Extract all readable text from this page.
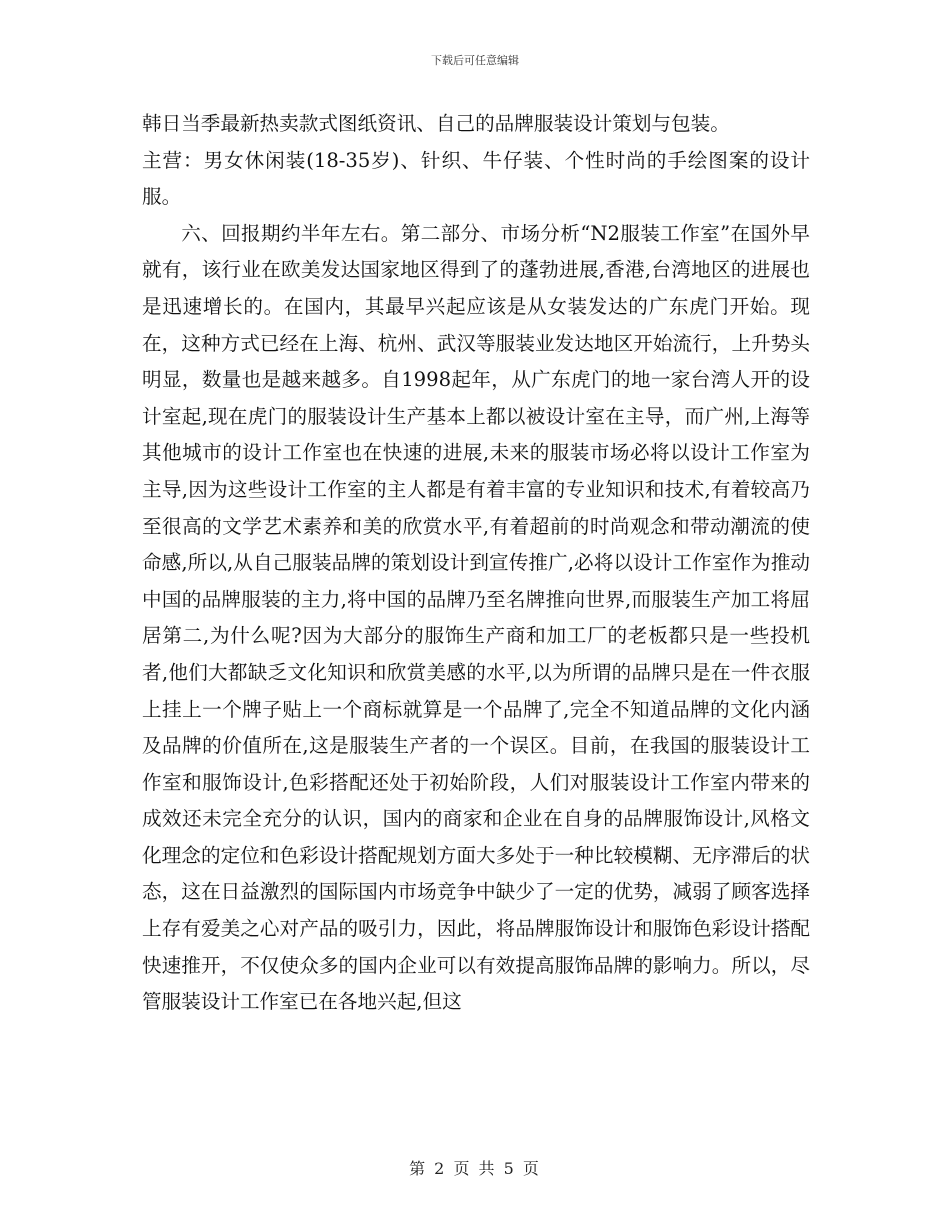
下载后可任意编辑

韩日当季最新热卖款式图纸资讯、自己的品牌服装设计策划与包装。

主营：男女休闲装(18-35岁)、针织、牛仔装、个性时尚的手绘图案的设计服。

六、回报期约半年左右。第二部分、市场分析“N2服装工作室”在国外早就有，该行业在欧美发达国家地区得到了的蓬勃进展,香港,台湾地区的进展也是迅速增长的。在国内，其最早兴起应该是从女装发达的广东虎门开始。现在，这种方式已经在上海、杭州、武汉等服装业发达地区开始流行，上升势头明显，数量也是越来越多。自1998起年，从广东虎门的地一家台湾人开的设计室起,现在虎门的服装设计生产基本上都以被设计室在主导，而广州,上海等其他城市的设计工作室也在快速的进展,未来的服装市场必将以设计工作室为主导,因为这些设计工作室的主人都是有着丰富的专业知识和技术,有着较高乃至很高的文学艺术素养和美的欣赏水平,有着超前的时尚观念和带动潮流的使命感,所以,从自己服装品牌的策划设计到宣传推广,必将以设计工作室作为推动中国的品牌服装的主力,将中国的品牌乃至名牌推向世界,而服装生产加工将屈居第二,为什么呢?因为大部分的服饰生产商和加工厂的老板都只是一些投机者,他们大都缺乏文化知识和欣赏美感的水平,以为所谓的品牌只是在一件衣服上挂上一个牌子贴上一个商标就算是一个品牌了,完全不知道品牌的文化内涵及品牌的价值所在,这是服装生产者的一个误区。目前，在我国的服装设计工作室和服饰设计,色彩搭配还处于初始阶段，人们对服装设计工作室内带来的成效还未完全充分的认识，国内的商家和企业在自身的品牌服饰设计,风格文化理念的定位和色彩设计搭配规划方面大多处于一种比较模糊、无序滞后的状态，这在日益激烈的国际国内市场竞争中缺少了一定的优势，减弱了顾客选择上存有爱美之心对产品的吸引力，因此，将品牌服饰设计和服饰色彩设计搭配快速推开，不仅使众多的国内企业可以有效提高服饰品牌的影响力。所以，尽管服装设计工作室已在各地兴起,但这

第 2 页 共 5 页
